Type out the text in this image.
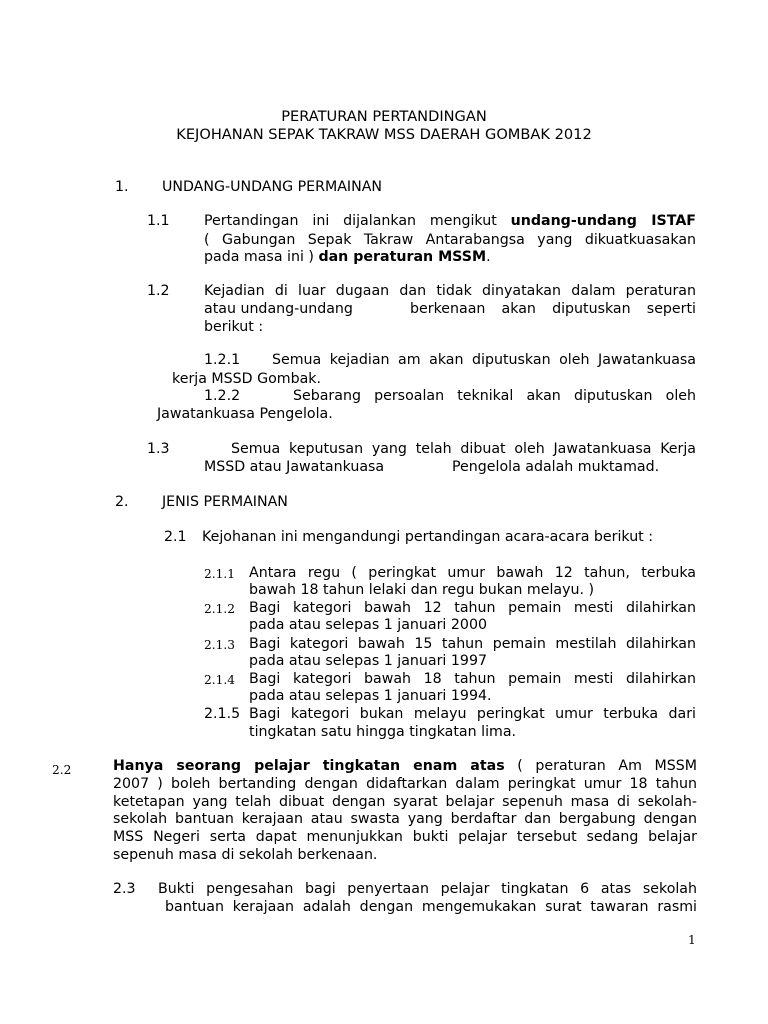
PERATURAN PERTANDINGAN
KEJOHANAN SEPAK TAKRAW MSS DAERAH GOMBAK 2012
1. UNDANG-UNDANG PERMAINAN
1.1 Pertandingan ini dijalankan mengikut undang-undang ISTAF
( Gabungan Sepak Takraw Antarabangsa yang dikuatkuasakan
pada masa ini ) dan peraturan MSSM.
1.2 Kejadian di luar dugaan dan tidak dinyatakan dalam peraturan
atau undang-undang	berkenaan akan diputuskan seperti
berikut :
1.2.1 Semua kejadian am akan diputuskan oleh Jawatankuasa
kerja MSSD Gombak.
1.2.2	Sebarang persoalan teknikal akan diputuskan oleh
Jawatankuasa Pengelola.
1.3	Semua keputusan yang telah dibuat oleh Jawatankuasa Kerja
MSSD atau Jawatankuasa	Pengelola adalah muktamad.
2. JENIS PERMAINAN
2.1 Kejohanan ini mengandungi pertandingan acara-acara berikut :
2.1.1 Antara regu ( peringkat umur bawah 12 tahun, terbuka
bawah 18 tahun lelaki dan regu bukan melayu. )
2.1.2 Bagi kategori bawah 12 tahun pemain mesti dilahirkan
pada atau selepas 1 januari 2000
2.1.3 Bagi kategori bawah 15 tahun pemain mestilah dilahirkan
pada atau selepas 1 januari 1997
2.1.4 Bagi kategori bawah 18 tahun pemain mesti dilahirkan
pada atau selepas 1 januari 1994.
2.1.5 Bagi kategori bukan melayu peringkat umur terbuka dari
tingkatan satu hingga tingkatan lima.
2.2	Hanya seorang pelajar tingkatan enam atas ( peraturan Am MSSM
2007 ) boleh bertanding dengan didaftarkan dalam peringkat umur 18 tahun
ketetapan yang telah dibuat dengan syarat belajar sepenuh masa di sekolah-
sekolah bantuan kerajaan atau swasta yang berdaftar dan bergabung dengan
MSS Negeri serta dapat menunjukkan bukti pelajar tersebut sedang belajar
sepenuh masa di sekolah berkenaan.
2.3 Bukti pengesahan bagi penyertaan pelajar tingkatan 6 atas sekolah
bantuan kerajaan adalah dengan mengemukakan surat tawaran rasmi
1
